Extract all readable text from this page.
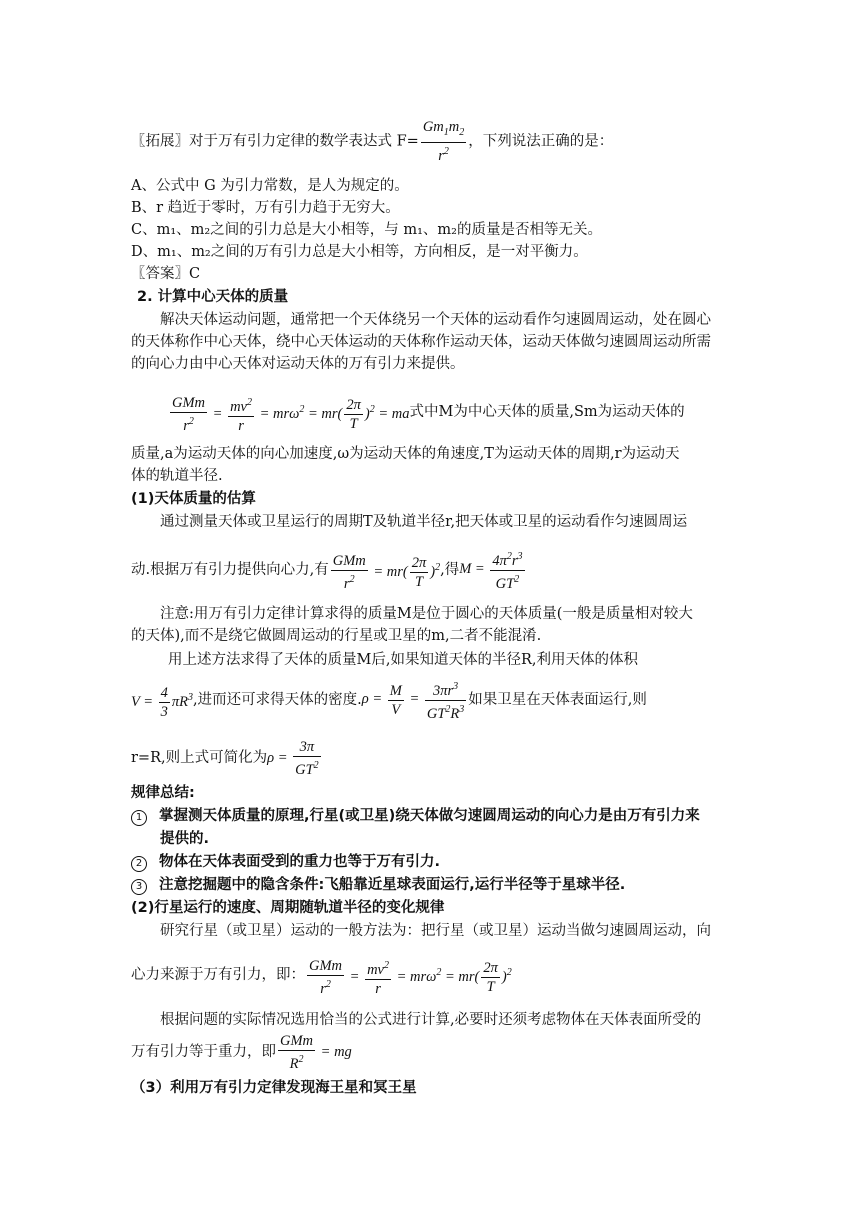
〖拓展〗对于万有引力定律的数学表达式 $F= \frac{Gm_1m_2}{r^2}$ ，下列说法正确的是：
A、公式中 G 为引力常数，是人为规定的。
B、r 趋近于零时，万有引力趋于无穷大。
C、m₁、m₂之间的引力总是大小相等，与 m₁、m₂的质量是否相等无关。
D、m₁、m₂之间的万有引力总是大小相等，方向相反，是一对平衡力。
〖答案〗C
2. 计算中心天体的质量
解决天体运动问题，通常把一个天体绕另一个天体的运动看作匀速圆周运动，处在圆心
的天体称作中心天体，绕中心天体运动的天体称作运动天体，运动天体做匀速圆周运动所需
的向心力由中心天体对运动天体的万有引力来提供。
GMm
$r^2$	= $\frac{mv^2}{r} = mr\omega^2 = mr( \frac{2\pi}{T} )^2$ = ma式中M为中心天体的质量,Sm为运动天体的
质量,a为运动天体的向心加速度,ω为运动天体的角速度,T为运动天体的周期,r为运动天
体的轨道半径.
(1)天体质量的估算
通过测量天体或卫星运行的周期T及轨道半径r,把天体或卫星的运动看作匀速圆周运
动.根据万有引力提供向心力,有
GMm
$r^2$	= $mr( \frac{2\pi}{T} )^2$,得$M = \frac{4\pi^2r^3}{GT^2}$
注意:用万有引力定律计算求得的质量M是位于圆心的天体质量(一般是质量相对较大
的天体),而不是绕它做圆周运动的行星或卫星的m,二者不能混淆.
用上述方法求得了天体的质量M后,如果知道天体的半径R,利用天体的体积
$V = \frac{4}{3} \pi R^3$,进而还可求得天体的密度$.\rho = \frac{M}{V} = \frac{3\pi r^3}{GT^2R^3}$ 如果卫星在天体表面运行,则
r=R,则上式可简化为$\rho = \frac{3\pi}{GT^2}$
规律总结:
1 掌握测天体质量的原理,行星(或卫星)绕天体做匀速圆周运动的向心力是由万有引力来
提供的.
2 物体在天体表面受到的重力也等于万有引力.
3 注意挖掘题中的隐含条件:飞船靠近星球表面运行,运行半径等于星球半径.
(2)行星运行的速度、周期随轨道半径的变化规律
研究行星（或卫星）运动的一般方法为：把行星（或卫星）运动当做匀速圆周运动，向
心力来源于万有引力，即：
GMm
$r^2$	= $\frac{mv^2}{r} = mr\omega^2 = mr( \frac{2\pi}{T} )^2$
根据问题的实际情况选用恰当的公式进行计算,必要时还须考虑物体在天体表面所受的
万有引力等于重力，即
GMm
$R^2$ = mg
（3）利用万有引力定律发现海王星和冥王星
